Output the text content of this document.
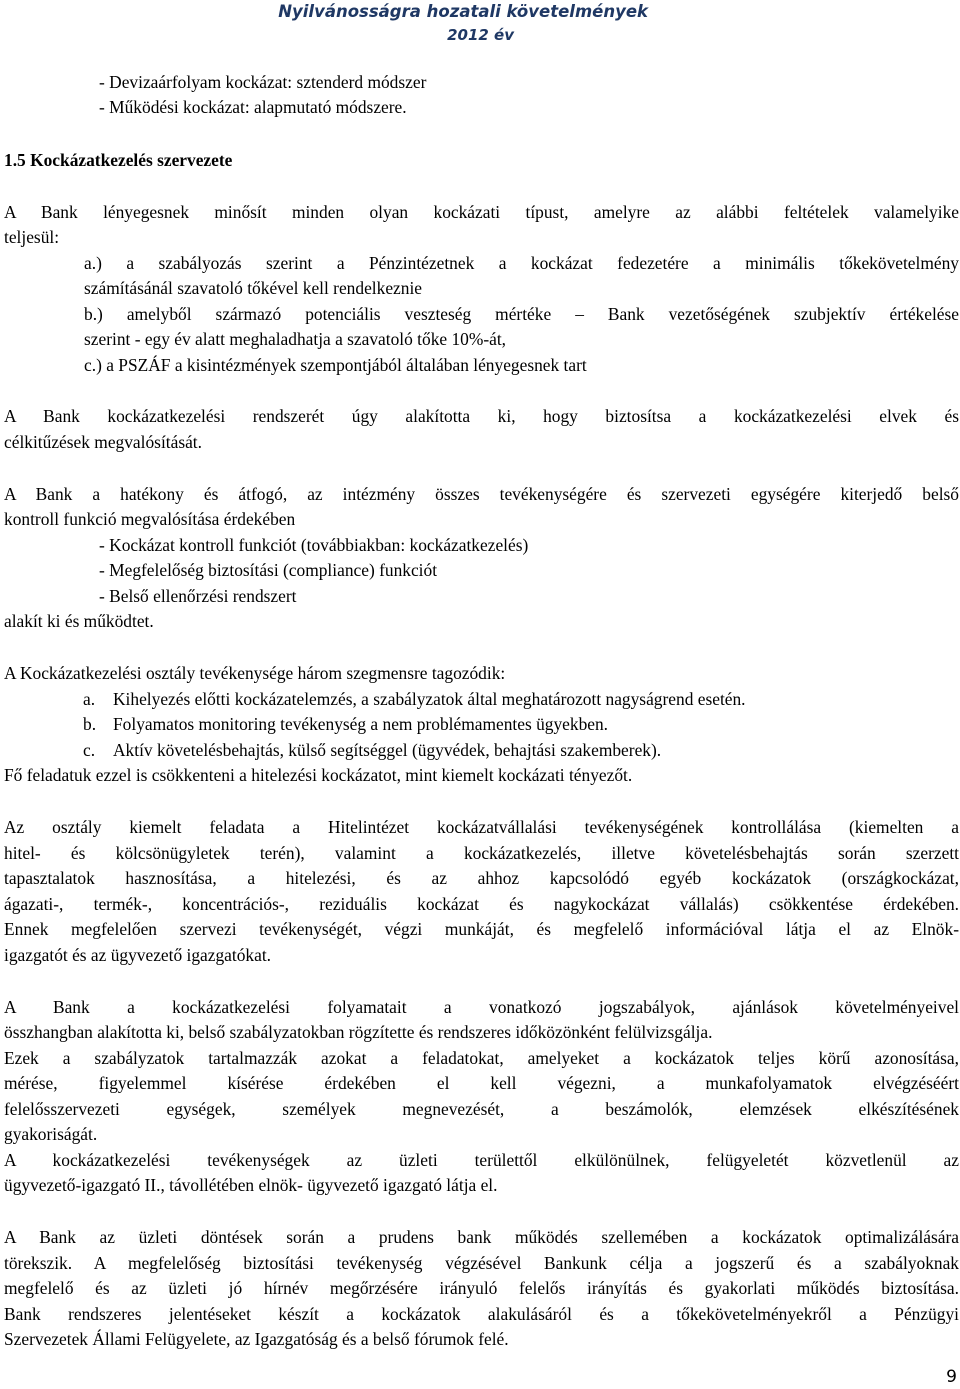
Nyilvánosságra hozatali követelmények
2012 év
- Devizaárfolyam kockázat: sztenderd módszer
- Működési kockázat: alapmutató módszere.
1.5 Kockázatkezelés szervezete
A Bank lényegesnek minősít minden olyan kockázati típust, amelyre az alábbi feltételek valamelyike
teljesül:
a.) a szabályozás szerint a Pénzintézetnek a kockázat fedezetére a minimális tőkekövetelmény
számításánál szavatoló tőkével kell rendelkeznie
b.) amelyből származó potenciális veszteség mértéke – Bank vezetőségének szubjektív értékelése
szerint - egy év alatt meghaladhatja a szavatoló tőke 10%-át,
c.) a PSZÁF a kisintézmények szempontjából általában lényegesnek tart
A Bank kockázatkezelési rendszerét úgy alakította ki, hogy biztosítsa a kockázatkezelési elvek és
célkitűzések megvalósítását.
A Bank a hatékony és átfogó, az intézmény összes tevékenységére és szervezeti egységére kiterjedő belső
kontroll funkció megvalósítása érdekében
- Kockázat kontroll funkciót (továbbiakban: kockázatkezelés)
- Megfelelőség biztosítási (compliance) funkciót
- Belső ellenőrzési rendszert
alakít ki és működtet.
A Kockázatkezelési osztály tevékenysége három szegmensre tagozódik:
a. Kihelyezés előtti kockázatelemzés, a szabályzatok által meghatározott nagyságrend esetén.
b. Folyamatos monitoring tevékenység a nem problémamentes ügyekben.
c. Aktív követelésbehajtás, külső segítséggel (ügyvédek, behajtási szakemberek).
Fő feladatuk ezzel is csökkenteni a hitelezési kockázatot, mint kiemelt kockázati tényezőt.
Az osztály kiemelt feladata a Hitelintézet kockázatvállalási tevékenységének kontrollálása (kiemelten a
hitel- és kölcsönügyletek terén), valamint a kockázatkezelés, illetve követelésbehajtás során szerzett
tapasztalatok hasznosítása, a hitelezési, és az ahhoz kapcsolódó egyéb kockázatok (országkockázat,
ágazati-, termék-, koncentrációs-, reziduális kockázat és nagykockázat vállalás) csökkentése érdekében.
Ennek megfelelően szervezi tevékenységét, végzi munkáját, és megfelelő információval látja el az Elnök-
igazgatót és az ügyvezető igazgatókat.
A Bank a kockázatkezelési folyamatait a vonatkozó jogszabályok, ajánlások követelményeivel
összhangban alakította ki, belső szabályzatokban rögzítette és rendszeres időközönként felülvizsgálja.
Ezek a szabályzatok tartalmazzák azokat a feladatokat, amelyeket a kockázatok teljes körű azonosítása,
mérése, figyelemmel kísérése érdekében el kell végezni, a munkafolyamatok elvégzéséért
felelősszervezeti egységek, személyek megnevezését, a beszámolók, elemzések elkészítésének
gyakoriságát.
A kockázatkezelési tevékenységek az üzleti területtől elkülönülnek, felügyeletét közvetlenül az
ügyvezető-igazgató II., távollétében elnök- ügyvezető igazgató látja el.
A Bank az üzleti döntések során a prudens bank működés szellemében a kockázatok optimalizálására
törekszik. A megfelelőség biztosítási tevékenység végzésével Bankunk célja a jogszerű és a szabályoknak
megfelelő és az üzleti jó hírnév megőrzésére irányuló felelős irányítás és gyakorlati működés biztosítása.
Bank rendszeres jelentéseket készít a kockázatok alakulásáról és a tőkekövetelményekről a Pénzügyi
Szervezetek Állami Felügyelete, az Igazgatóság és a belső fórumok felé.
9
